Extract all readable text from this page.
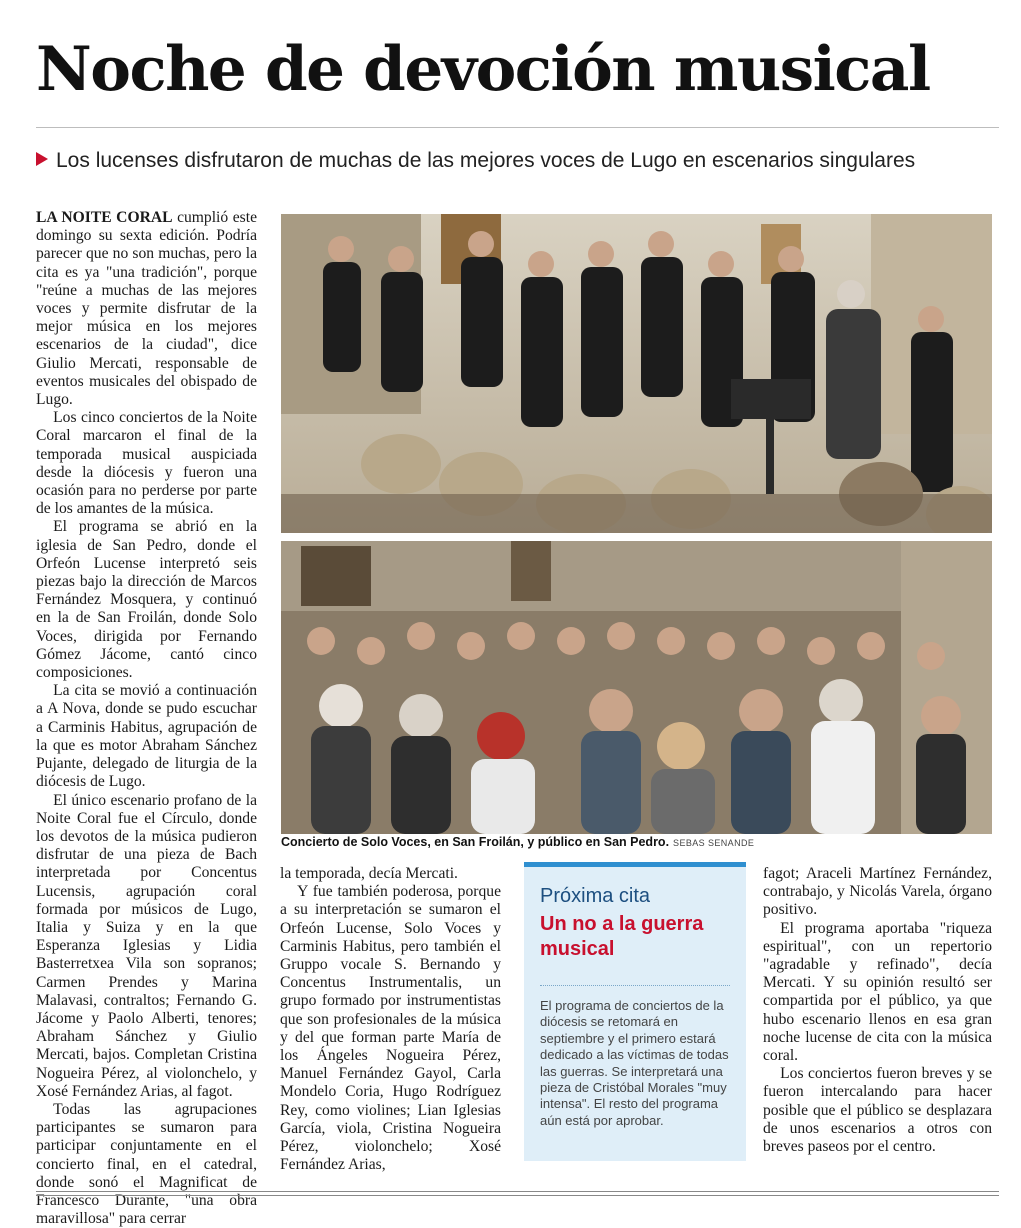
Noche de devoción musical
Los lucenses disfrutaron de muchas de las mejores voces de Lugo en escenarios singulares

LA NOITE CORAL cumplió este domingo su sexta edición. Podría parecer que no son muchas, pero la cita es ya "una tradición", porque "reúne a muchas de las mejores voces y permite disfrutar de la mejor música en los mejores escenarios de la ciudad", dice Giulio Mercati, responsable de eventos musicales del obispado de Lugo.

Los cinco conciertos de la Noite Coral marcaron el final de la temporada musical auspiciada desde la diócesis y fueron una ocasión para no perderse por parte de los amantes de la música.

El programa se abrió en la iglesia de San Pedro, donde el Orfeón Lucense interpretó seis piezas bajo la dirección de Marcos Fernández Mosquera, y continuó en la de San Froilán, donde Solo Voces, dirigida por Fernando Gómez Jácome, cantó cinco composiciones.

La cita se movió a continuación a A Nova, donde se pudo escuchar a Carminis Habitus, agrupación de la que es motor Abraham Sánchez Pujante, delegado de liturgia de la diócesis de Lugo.

El único escenario profano de la Noite Coral fue el Círculo, donde los devotos de la música pudieron disfrutar de una pieza de Bach interpretada por Concentus Lucensis, agrupación coral formada por músicos de Lugo, Italia y Suiza y en la que Esperanza Iglesias y Lidia Basterretxea Vila son sopranos; Carmen Prendes y Marina Malavasi, contraltos; Fernando G. Jácome y Paolo Alberti, tenores; Abraham Sánchez y Giulio Mercati, bajos. Completan Cristina Nogueira Pérez, al violonchelo, y Xosé Fernández Arias, al fagot.

Todas las agrupaciones participantes se sumaron para participar conjuntamente en el concierto final, en el catedral, donde sonó el Magnificat de Francesco Durante, "una obra maravillosa" para cerrar

Concierto de Solo Voces, en San Froilán, y público en San Pedro. SEBAS SENANDE

la temporada, decía Mercati.

Y fue también poderosa, porque a su interpretación se sumaron el Orfeón Lucense, Solo Voces y Carminis Habitus, pero también el Gruppo vocale S. Bernando y Concentus Instrumentalis, un grupo formado por instrumentistas que son profesionales de la música y del que forman parte María de los Ángeles Nogueira Pérez, Manuel Fernández Gayol, Carla Mondelo Coria, Hugo Rodríguez Rey, como violines; Lian Iglesias García, viola, Cristina Nogueira Pérez, violonchelo; Xosé Fernández Arias,

Próxima cita
Un no a la guerra musical
El programa de conciertos de la diócesis se retomará en septiembre y el primero estará dedicado a las víctimas de todas las guerras. Se interpretará una pieza de Cristóbal Morales "muy intensa". El resto del programa aún está por aprobar.

fagot; Araceli Martínez Fernández, contrabajo, y Nicolás Varela, órgano positivo.

El programa aportaba "riqueza espiritual", con un repertorio "agradable y refinado", decía Mercati. Y su opinión resultó ser compartida por el público, ya que hubo escenario llenos en esa gran noche lucense de cita con la música coral.

Los conciertos fueron breves y se fueron intercalando para hacer posible que el público se desplazara de unos escenarios a otros con breves paseos por el centro.
